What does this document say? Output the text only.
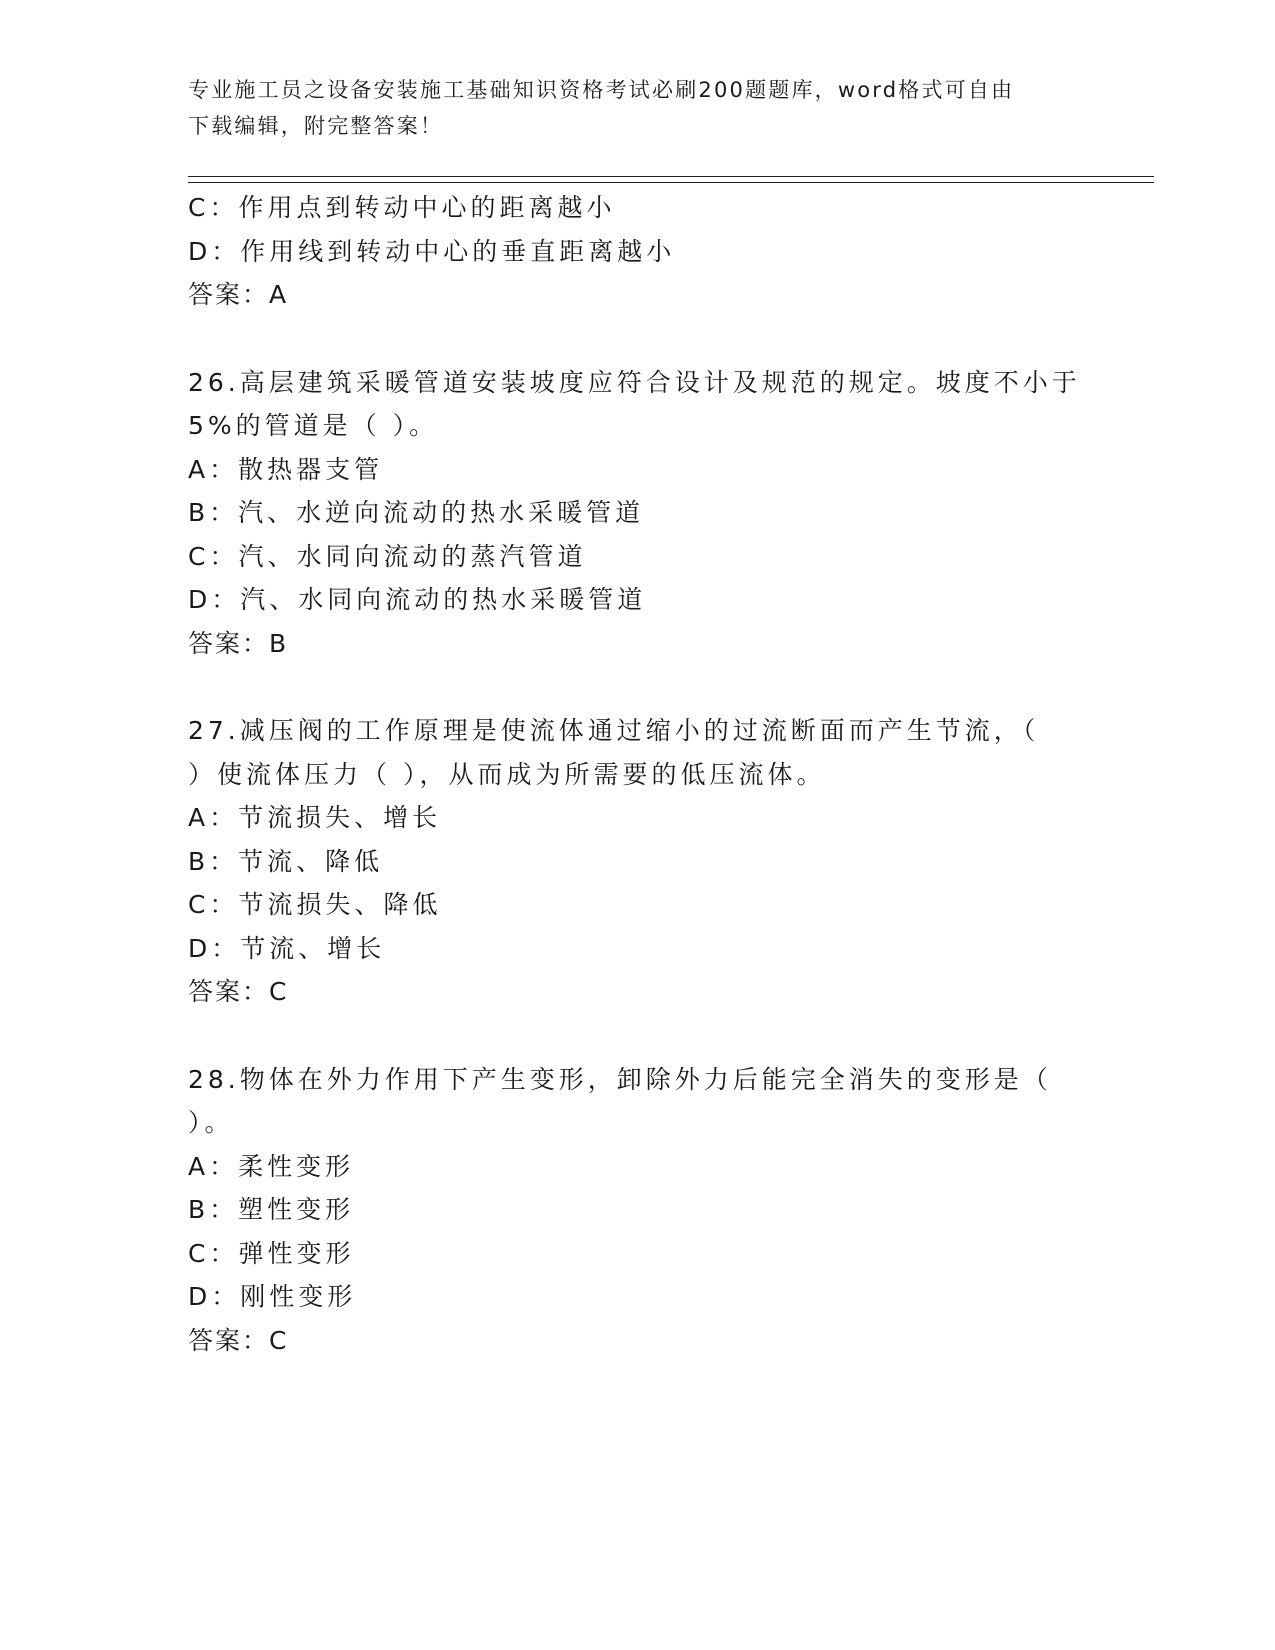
专业施工员之设备安装施工基础知识资格考试必刷200题题库，word格式可自由
下载编辑，附完整答案！
C：作用点到转动中心的距离越小
D：作用线到转动中心的垂直距离越小
答案：A
26.高层建筑采暖管道安装坡度应符合设计及规范的规定。坡度不小于
5%的管道是（ ）。
A：散热器支管
B：汽、水逆向流动的热水采暖管道
C：汽、水同向流动的蒸汽管道
D：汽、水同向流动的热水采暖管道
答案：B
27.减压阀的工作原理是使流体通过缩小的过流断面而产生节流，（
）使流体压力（ ），从而成为所需要的低压流体。
A：节流损失、增长
B：节流、降低
C：节流损失、降低
D：节流、增长
答案：C
28.物体在外力作用下产生变形，卸除外力后能完全消失的变形是（
）。
A：柔性变形
B：塑性变形
C：弹性变形
D：刚性变形
答案：C
